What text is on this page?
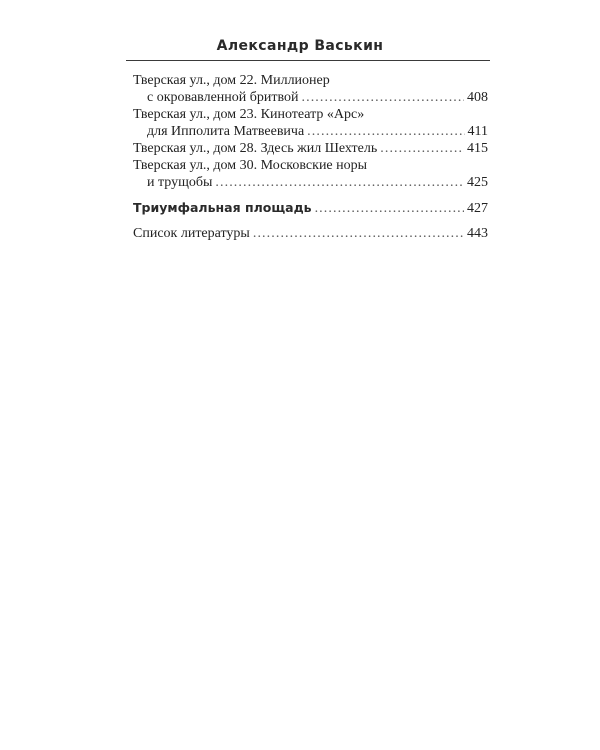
Александр Васькин
Тверская ул., дом 22. Миллионер
с окровавленной бритвой . . .	408
Тверская ул., дом 23. Кинотеатр «Арс»
для Ипполита Матвеевича . . .	411
Тверская ул., дом 28. Здесь жил Шехтель . . .	415
Тверская ул., дом 30. Московские норы
и трущобы . . .	425
Триумфальная площадь . . .	427
Список литературы . . .	443
